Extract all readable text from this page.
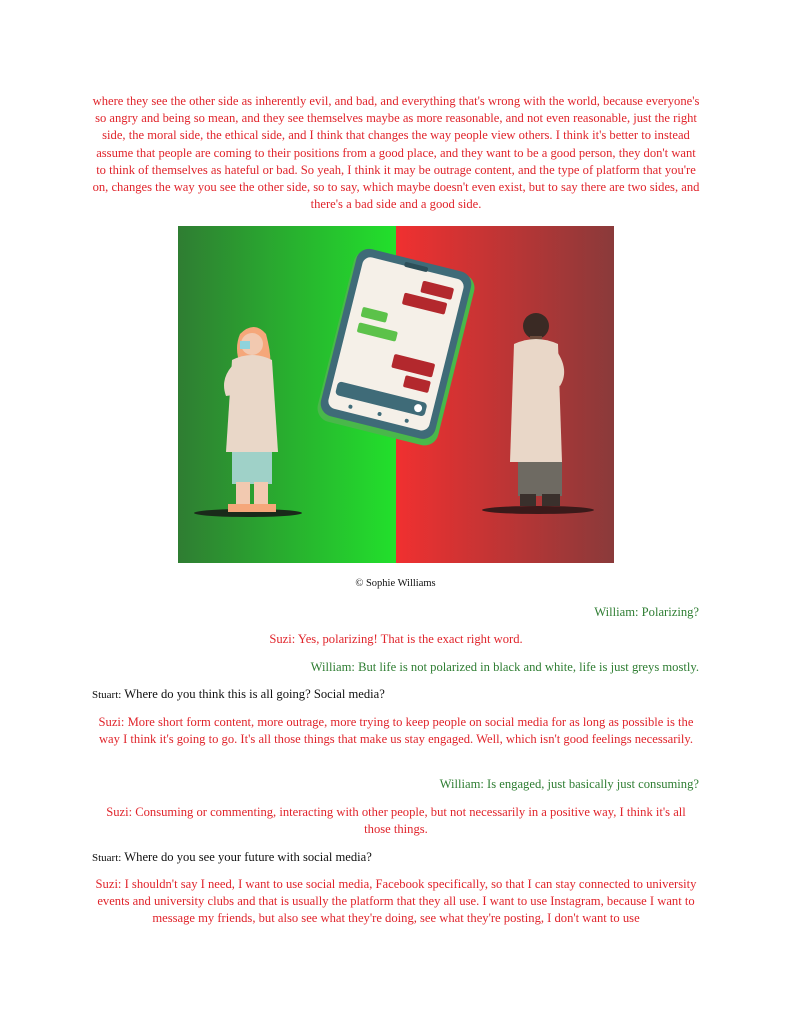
where they see the other side as inherently evil, and bad, and everything that's wrong with the world, because everyone's so angry and being so mean, and they see themselves maybe as more reasonable, and not even reasonable, just the right side, the moral side, the ethical side, and I think that changes the way people view others. I think it's better to instead assume that people are coming to their positions from a good place, and they want to be a good person, they don't want to think of themselves as hateful or bad. So yeah, I think it may be outrage content, and the type of platform that you're on, changes the way you see the other side, so to say, which maybe doesn't even exist, but to say there are two sides, and there's a bad side and a good side.

© Sophie Williams

William: Polarizing?

Suzi: Yes, polarizing! That is the exact right word.

William: But life is not polarized in black and white, life is just greys mostly.

Stuart: Where do you think this is all going? Social media?

Suzi: More short form content, more outrage, more trying to keep people on social media for as long as possible is the way I think it's going to go. It's all those things that make us stay engaged. Well, which isn't good feelings necessarily.

William: Is engaged, just basically just consuming?

Suzi: Consuming or commenting, interacting with other people, but not necessarily in a positive way, I think it's all those things.

Stuart: Where do you see your future with social media?

Suzi: I shouldn't say I need, I want to use social media, Facebook specifically, so that I can stay connected to university events and university clubs and that is usually the platform that they all use. I want to use Instagram, because I want to message my friends, but also see what they're doing, see what they're posting, I don't want to use
